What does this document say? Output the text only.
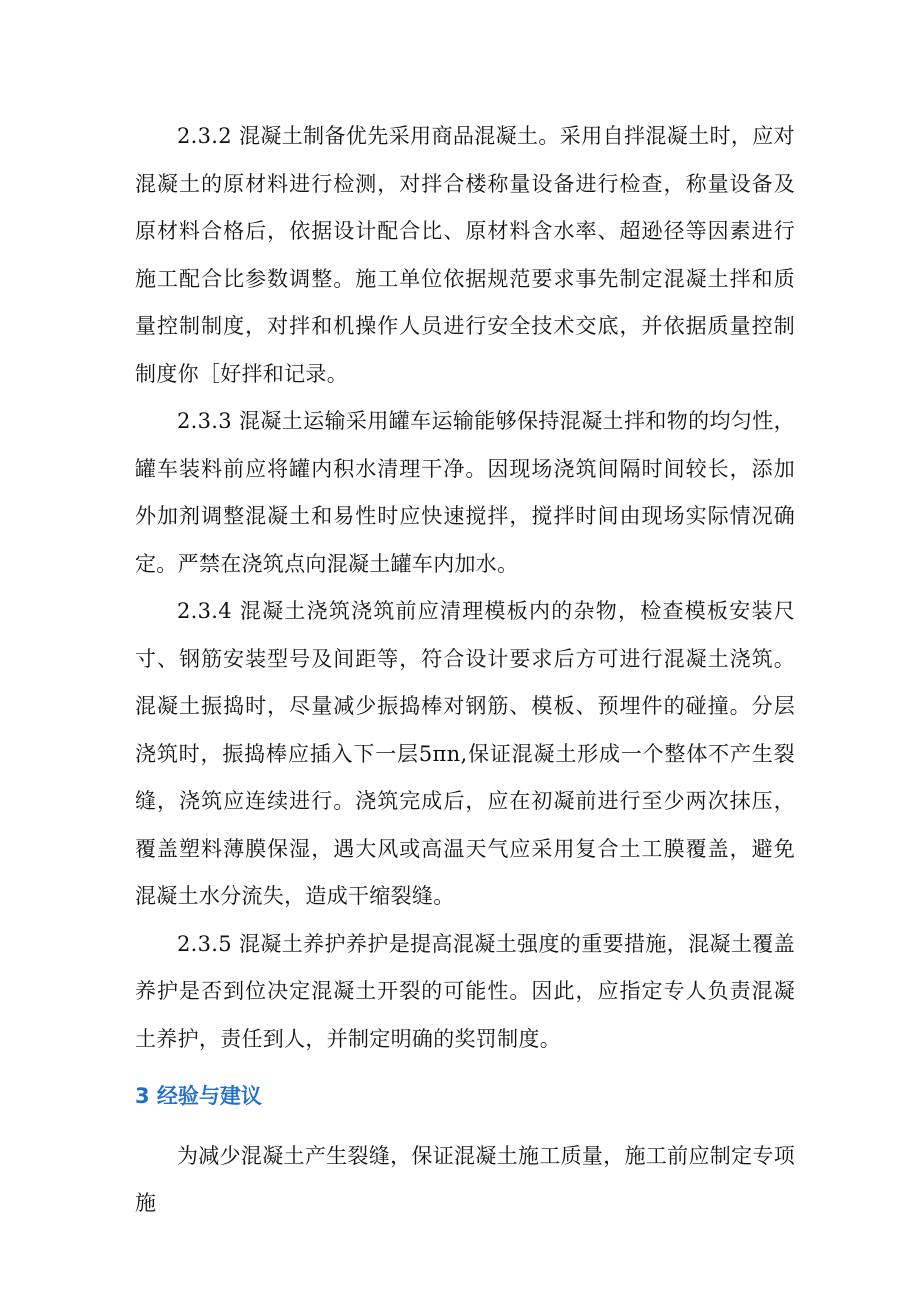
2.3.2 混凝土制备优先采用商品混凝土。采用自拌混凝土时，应对混凝土的原材料进行检测，对拌合楼称量设备进行检查，称量设备及原材料合格后，依据设计配合比、原材料含水率、超逊径等因素进行施工配合比参数调整。施工单位依据规范要求事先制定混凝土拌和质量控制制度，对拌和机操作人员进行安全技术交底，并依据质量控制制度你［好拌和记录。

2.3.3 混凝土运输采用罐车运输能够保持混凝土拌和物的均匀性，罐车装料前应将罐内积水清理干净。因现场浇筑间隔时间较长，添加外加剂调整混凝土和易性时应快速搅拌，搅拌时间由现场实际情况确定。严禁在浇筑点向混凝土罐车内加水。

2.3.4 混凝土浇筑浇筑前应清理模板内的杂物，检查模板安装尺寸、钢筋安装型号及间距等，符合设计要求后方可进行混凝土浇筑。混凝土振捣时，尽量减少振捣棒对钢筋、模板、预埋件的碰撞。分层浇筑时，振捣棒应插入下一层5πn,保证混凝土形成一个整体不产生裂缝，浇筑应连续进行。浇筑完成后，应在初凝前进行至少两次抹压，覆盖塑料薄膜保湿，遇大风或高温天气应采用复合土工膜覆盖，避免混凝土水分流失，造成干缩裂缝。

2.3.5 混凝土养护养护是提高混凝土强度的重要措施，混凝土覆盖养护是否到位决定混凝土开裂的可能性。因此，应指定专人负责混凝土养护，责任到人，并制定明确的奖罚制度。

3 经验与建议

为减少混凝土产生裂缝，保证混凝土施工质量，施工前应制定专项施
